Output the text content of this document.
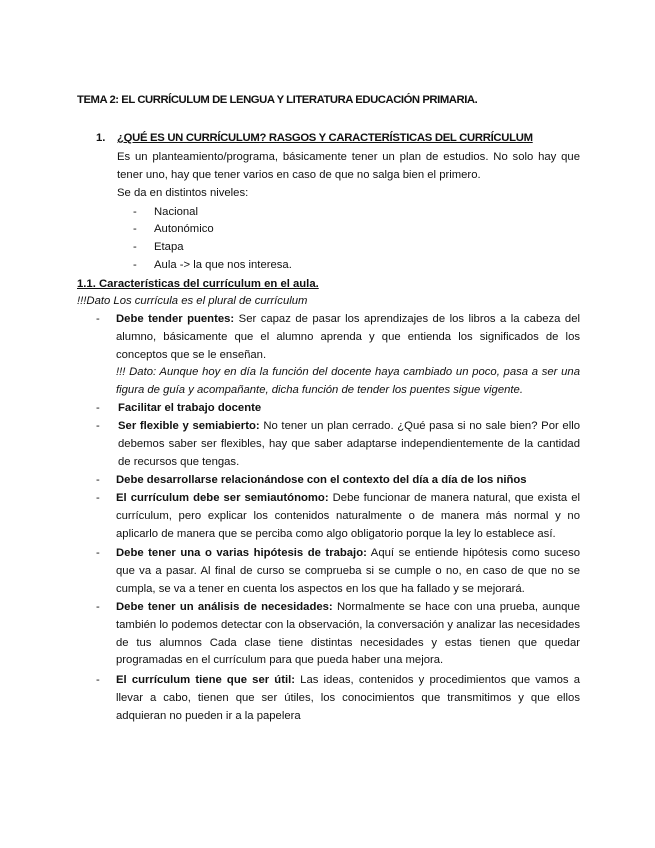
TEMA 2: EL CURRÍCULUM DE LENGUA Y LITERATURA EDUCACIÓN PRIMARIA.
1. ¿QUÉ ES UN CURRÍCULUM? RASGOS Y CARACTERÍSTICAS DEL CURRÍCULUM
Es un planteamiento/programa, básicamente tener un plan de estudios. No solo hay que
tener uno, hay que tener varios en caso de que no salga bien el primero.
Se da en distintos niveles:
- Nacional
- Autonómico
- Etapa
- Aula -> la que nos interesa.
1.1. Características del currículum en el aula.
!!!Dato Los currícula es el plural de currículum
- Debe tender puentes: Ser capaz de pasar los aprendizajes de los libros a la cabeza del alumno, básicamente que el alumno aprenda y que entienda los significados de los conceptos que se le enseñan.
!!! Dato: Aunque hoy en día la función del docente haya cambiado un poco, pasa a ser una figura de guía y acompañante, dicha función de tender los puentes sigue vigente.
- Facilitar el trabajo docente
- Ser flexible y semiabierto: No tener un plan cerrado. ¿Qué pasa si no sale bien? Por ello debemos saber ser flexibles, hay que saber adaptarse independientemente de la cantidad de recursos que tengas.
- Debe desarrollarse relacionándose con el contexto del día a día de los niños
- El currículum debe ser semiautónomo: Debe funcionar de manera natural, que exista el currículum, pero explicar los contenidos naturalmente o de manera más normal y no aplicarlo de manera que se perciba como algo obligatorio porque la ley lo establece así.
- Debe tener una o varias hipótesis de trabajo: Aquí se entiende hipótesis como suceso que va a pasar. Al final de curso se comprueba si se cumple o no, en caso de que no se cumpla, se va a tener en cuenta los aspectos en los que ha fallado y se mejorará.
- Debe tener un análisis de necesidades: Normalmente se hace con una prueba, aunque también lo podemos detectar con la observación, la conversación y analizar las necesidades de tus alumnos Cada clase tiene distintas necesidades y estas tienen que quedar programadas en el currículum para que pueda haber una mejora.
- El currículum tiene que ser útil: Las ideas, contenidos y procedimientos que vamos a llevar a cabo, tienen que ser útiles, los conocimientos que transmitimos y que ellos adquieran no pueden ir a la papelera
